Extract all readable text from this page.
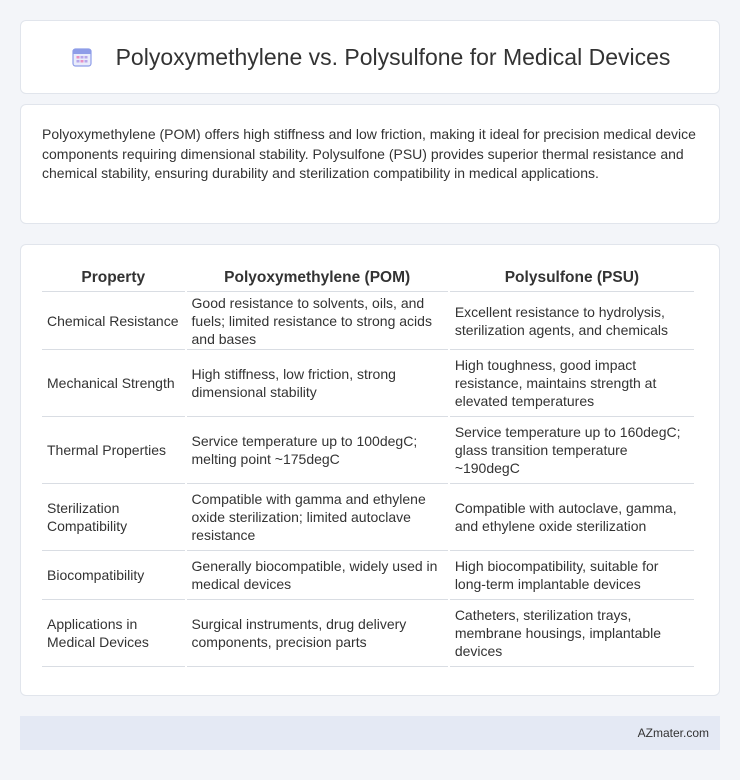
Polyoxymethylene vs. Polysulfone for Medical Devices

Polyoxymethylene (POM) offers high stiffness and low friction, making it ideal for precision medical device components requiring dimensional stability. Polysulfone (PSU) provides superior thermal resistance and chemical stability, ensuring durability and sterilization compatibility in medical applications.

Property	Polyoxymethylene (POM)	Polysulfone (PSU)
Chemical Resistance	Good resistance to solvents, oils, and fuels; limited resistance to strong acids and bases	Excellent resistance to hydrolysis, sterilization agents, and chemicals
Mechanical Strength	High stiffness, low friction, strong dimensional stability	High toughness, good impact resistance, maintains strength at elevated temperatures
Thermal Properties	Service temperature up to 100degC; melting point ~175degC	Service temperature up to 160degC; glass transition temperature ~190degC
Sterilization Compatibility	Compatible with gamma and ethylene oxide sterilization; limited autoclave resistance	Compatible with autoclave, gamma, and ethylene oxide sterilization
Biocompatibility	Generally biocompatible, widely used in medical devices	High biocompatibility, suitable for long-term implantable devices
Applications in Medical Devices	Surgical instruments, drug delivery components, precision parts	Catheters, sterilization trays, membrane housings, implantable devices
AZmater.com
